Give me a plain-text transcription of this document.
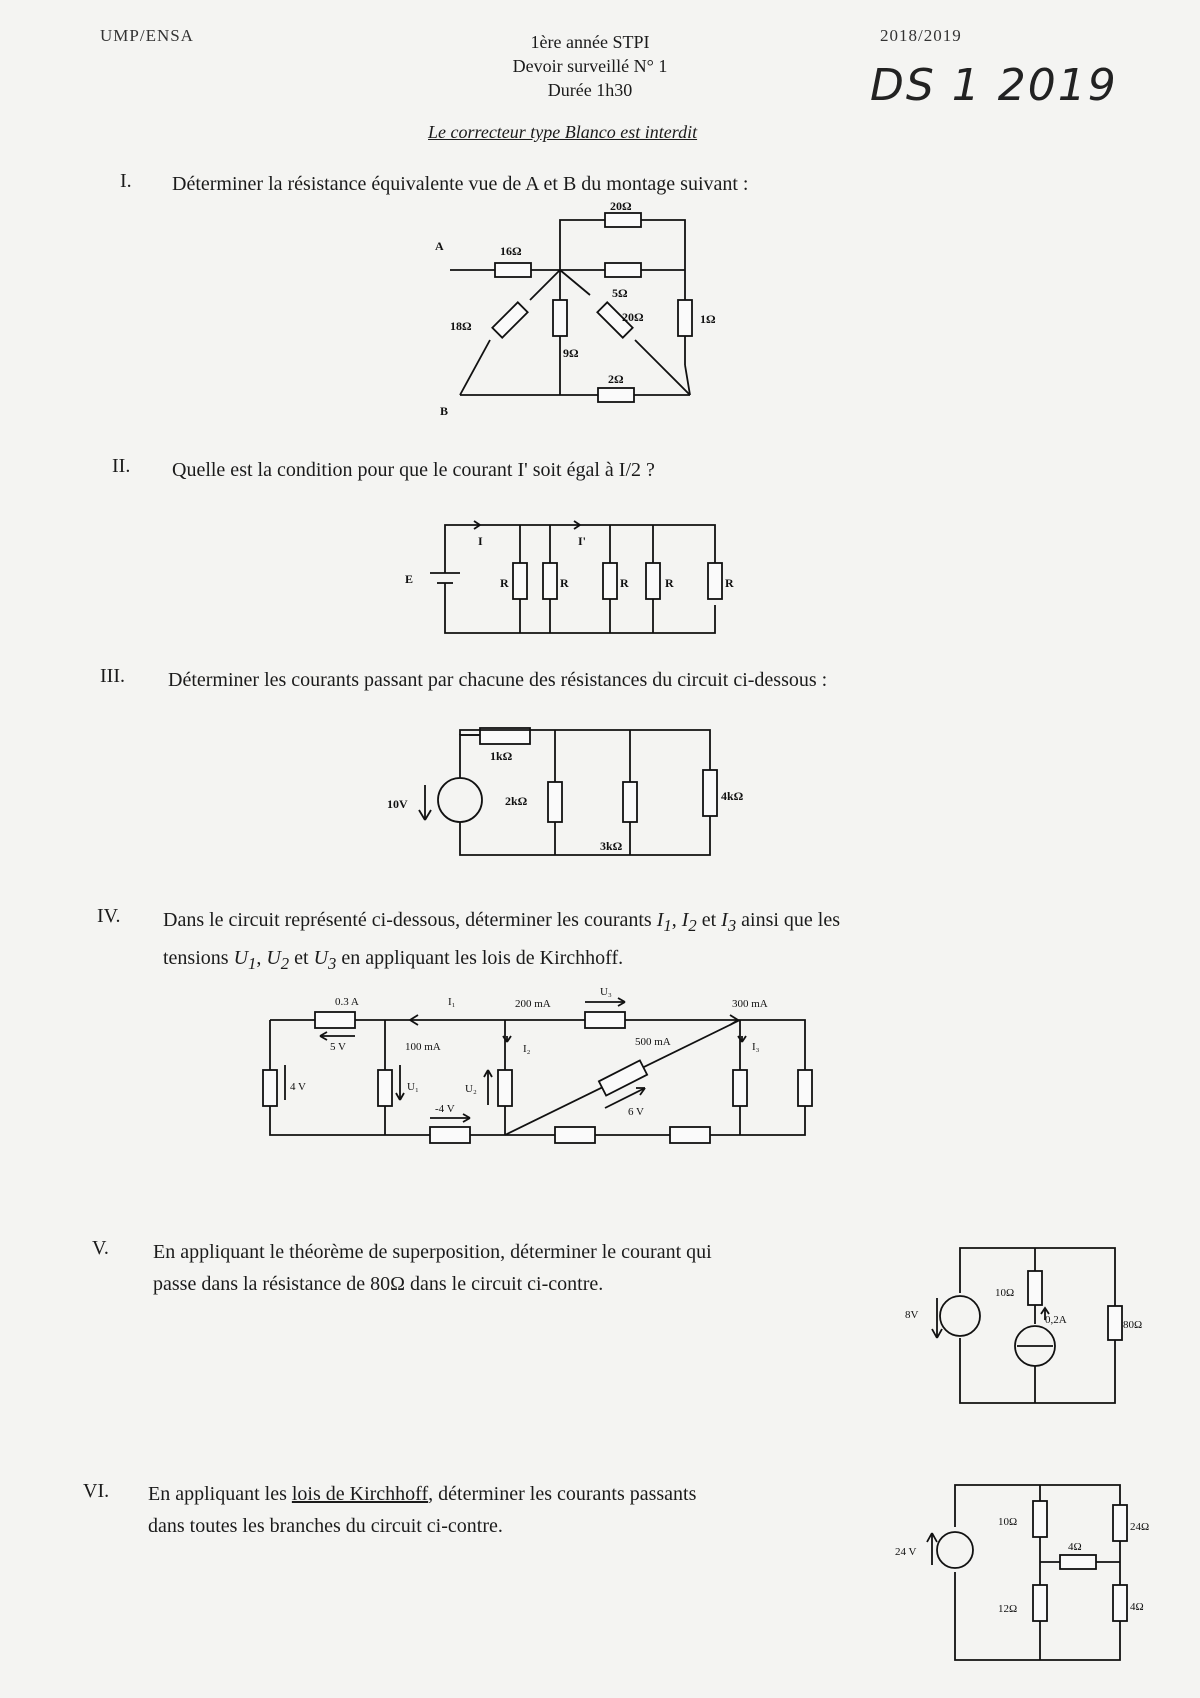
UMP/ENSA	1ère année STPI
Devoir surveillé N° 1
Durée 1h30
2018/2019
DS 1 2019
Le correcteur type Blanco est interdit
I. Déterminer la résistance équivalente vue de A et B du montage suivant :
20Ω
16Ω
A
5Ω
20Ω
18Ω
9Ω
1Ω
2Ω
B
II. Quelle est la condition pour que le courant I' soit égal à I/2 ?
E
I	I'
R	R	R	R	R
III. Déterminer les courants passant par chacune des résistances du circuit ci-dessous :
1kΩ
2kΩ
3kΩ
4kΩ
10V
IV. Dans le circuit représenté ci-dessous, déterminer les courants $I_1$, $I_2$ et $I_3$ ainsi que les
tensions $U_1$, $U_2$ et $U_3$ en appliquant les lois de Kirchhoff.
0.3 A	I₁	200 mA
U₃
300 mA
5 V	100 mA	I₂
500 mA	I₃
4 V	U₁	U₂
6 V
-4 V
V. En appliquant le théorème de superposition, déterminer le courant qui
passe dans la résistance de 80Ω dans le circuit ci-contre.
8V
10Ω
0,2A	80Ω
VI. En appliquant les lois de Kirchhoff, déterminer les courants passants
dans toutes les branches du circuit ci-contre.
24 V
10Ω	24Ω
4Ω
12Ω	4Ω
